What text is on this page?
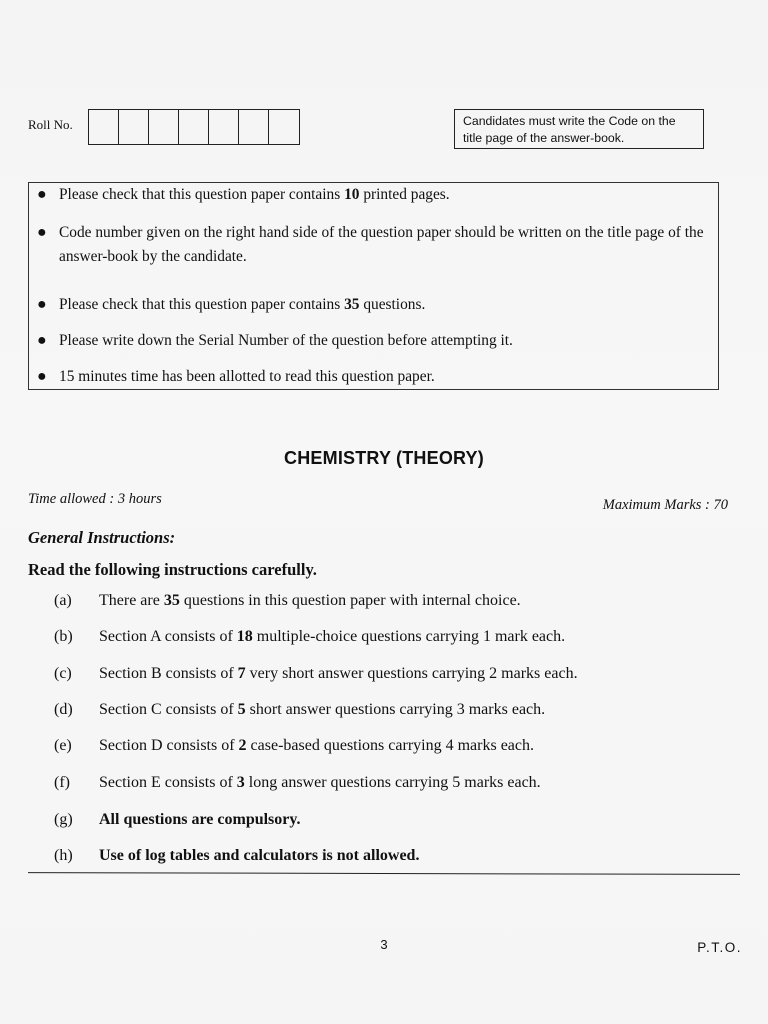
Roll No.	Candidates must write the Code on the title page of the answer-book.
● Please check that this question paper contains 10 printed pages.
● Code number given on the right hand side of the question paper should be written on the title page of the answer-book by the candidate.
● Please check that this question paper contains 35 questions.
● Please write down the Serial Number of the question before attempting it.
● 15 minutes time has been allotted to read this question paper.
CHEMISTRY (THEORY)
Time allowed : 3 hours	Maximum Marks : 70
General Instructions:
Read the following instructions carefully.
(a)	There are 35 questions in this question paper with internal choice.
(b)	Section A consists of 18 multiple-choice questions carrying 1 mark each.
(c)	Section B consists of 7 very short answer questions carrying 2 marks each.
(d)	Section C consists of 5 short answer questions carrying 3 marks each.
(e)	Section D consists of 2 case-based questions carrying 4 marks each.
(f)	Section E consists of 3 long answer questions carrying 5 marks each.
(g)	All questions are compulsory.
(h)	Use of log tables and calculators is not allowed.
3	P.T.O.
